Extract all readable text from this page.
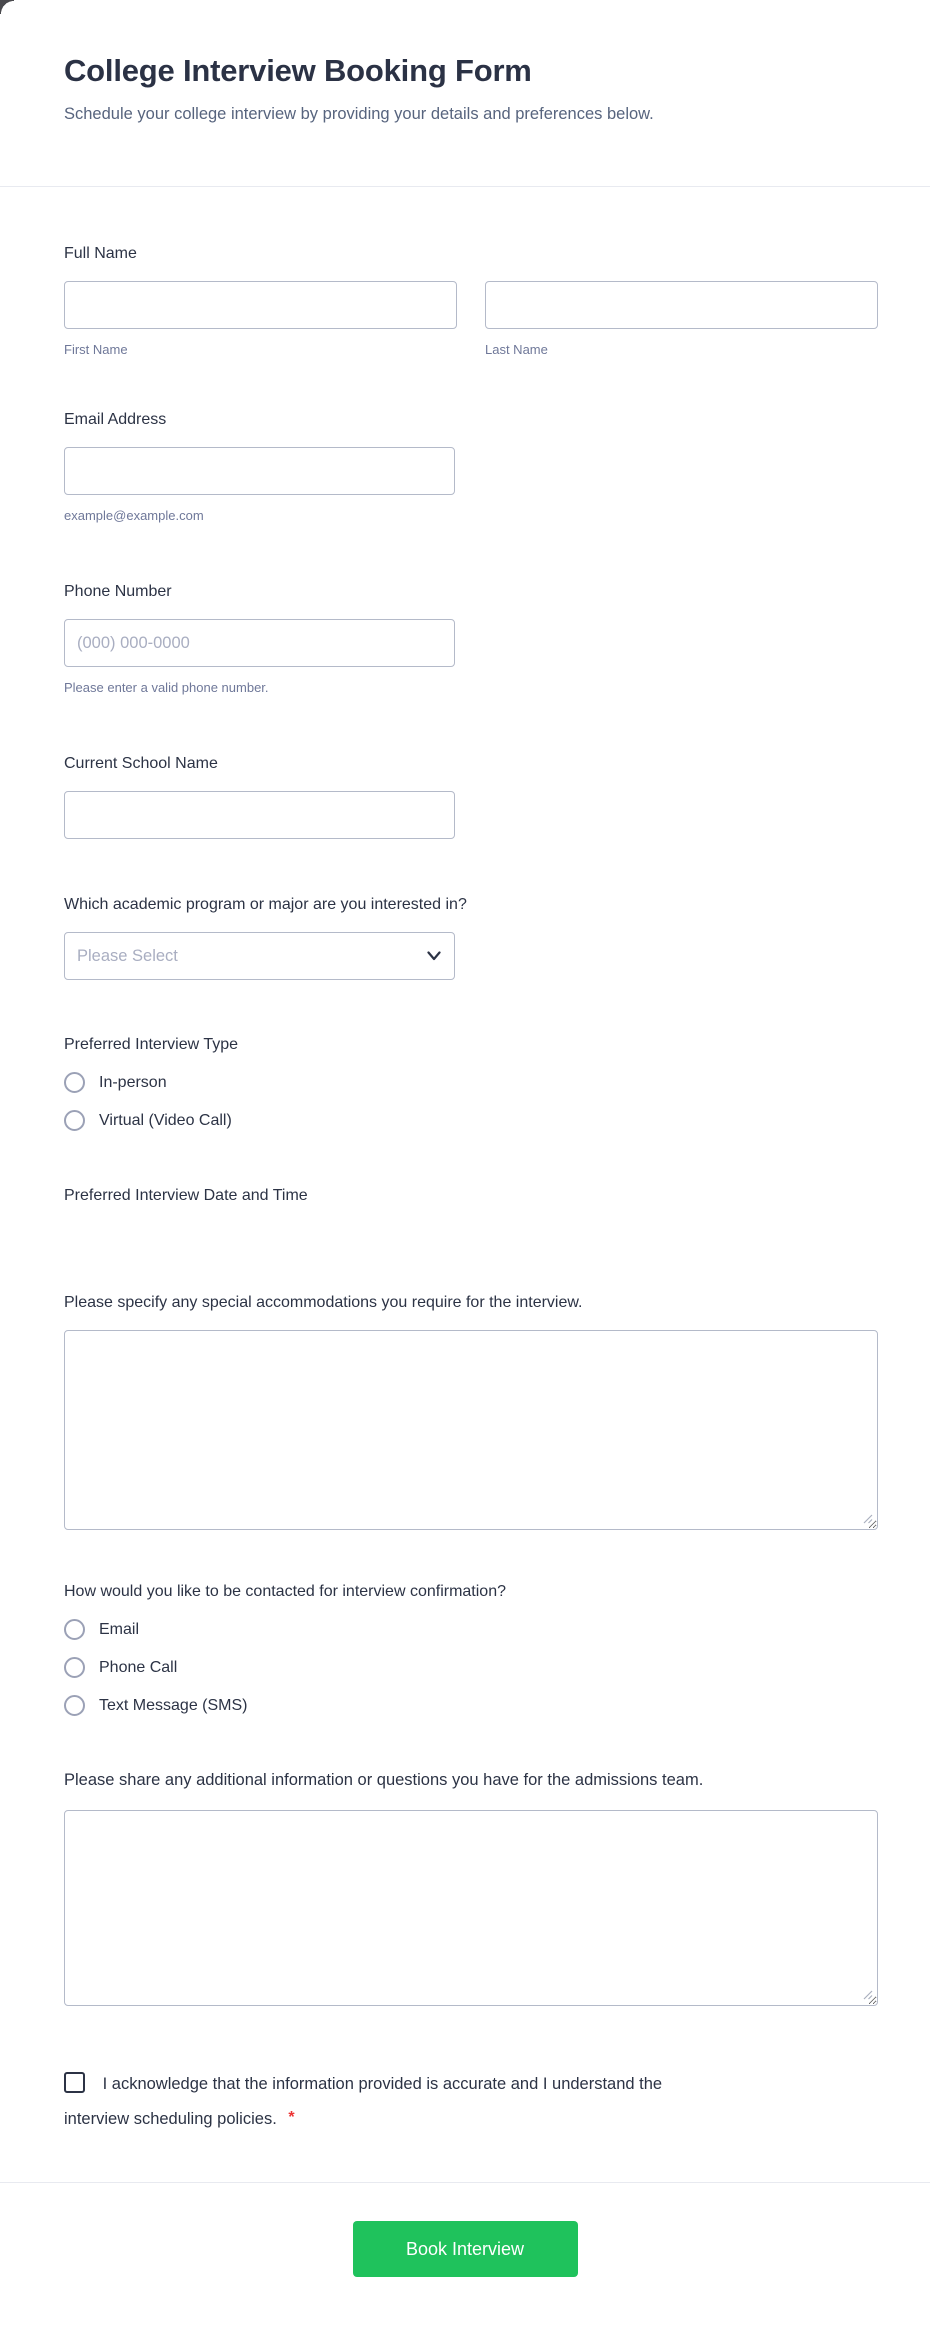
College Interview Booking Form

Schedule your college interview by providing your details and preferences below.

Full Name
First Name	Last Name
Email Address
example@example.com
Phone Number
(000) 000-0000
Please enter a valid phone number.
Current School Name
Which academic program or major are you interested in?
Please Select
Preferred Interview Type
In-person
Virtual (Video Call)
Preferred Interview Date and Time
Please specify any special accommodations you require for the interview.
How would you like to be contacted for interview confirmation?
Email
Phone Call
Text Message (SMS)
Please share any additional information or questions you have for the admissions team.

I acknowledge that the information provided is accurate and I understand the interview scheduling policies. *

Book Interview
